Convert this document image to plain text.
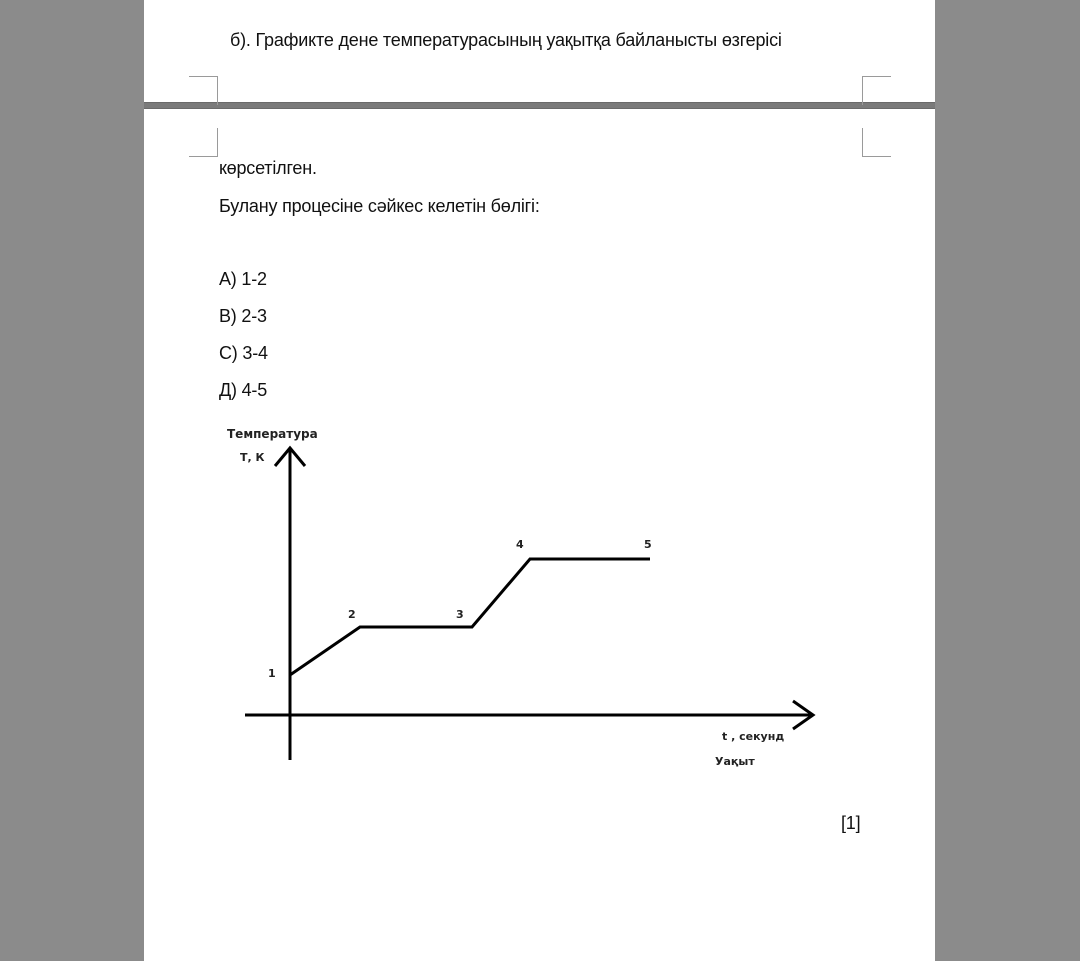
б). Графикте дене температурасының уақытқа байланысты өзгерісі
көрсетілген.
Булану процесіне сәйкес келетін бөлігі:
А) 1-2
В) 2-3
С) 3-4
Д) 4-5
[1]
Температура
Т, К
t , секунд
Уақыт
1
2	3
4	5
